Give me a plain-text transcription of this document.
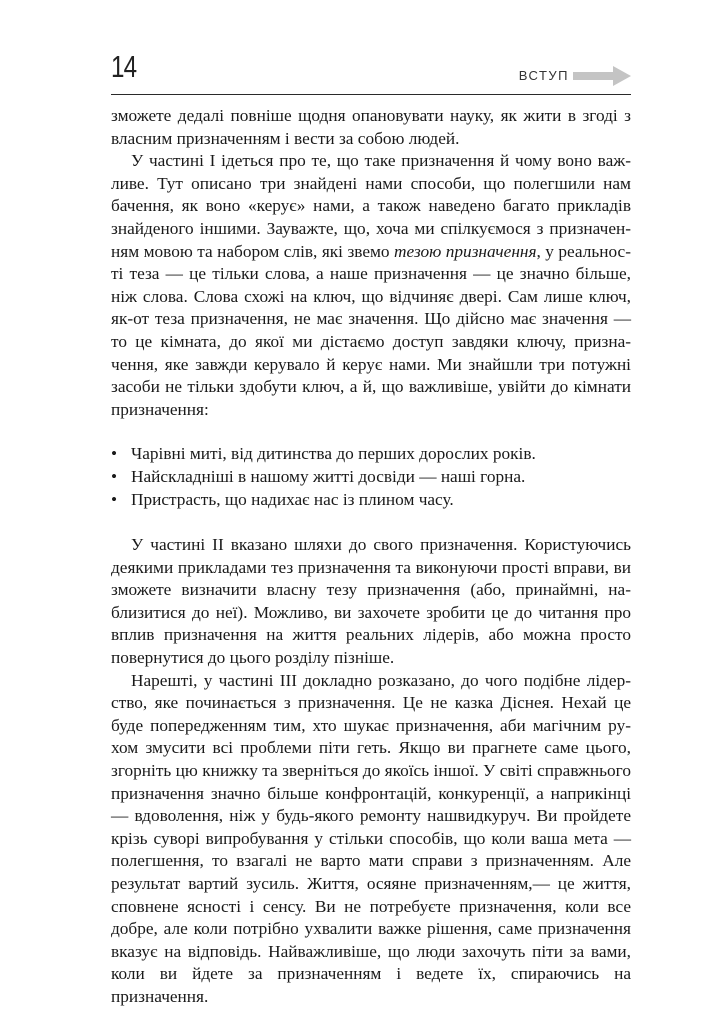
14	ВСТУП

зможете дедалі повніше щодня опановувати науку, як жити в згоді з власним призначенням і вести за собою людей.

У частині І ідеться про те, що таке призначення й чому воно важливе. Тут описано три знайдені нами способи, що полегшили нам бачення, як воно «керує» нами, а також наведено багато прикладів знайденого іншими. Зауважте, що, хоча ми спілкуємося з призначенням мовою та набором слів, які звемо тезою призначення, у реальності теза — це тільки слова, а наше призначення — це значно більше, ніж слова. Слова схожі на ключ, що відчиняє двері. Сам лише ключ, як-от теза призначення, не має значення. Що дійсно має значення — то це кімната, до якої ми дістаємо доступ завдяки ключу, призначення, яке завжди керувало й керує нами. Ми знайшли три потужні засоби не тільки здобути ключ, а й, що важливіше, увійти до кімнати призначення:

• Чарівні миті, від дитинства до перших дорослих років.
• Найскладніші в нашому житті досвіди — наші горна.
• Пристрасть, що надихає нас із плином часу.

У частині ІІ вказано шляхи до свого призначення. Користуючись деякими прикладами тез призначення та виконуючи прості вправи, ви зможете визначити власну тезу призначення (або, принаймні, наблизитися до неї). Можливо, ви захочете зробити це до читання про вплив призначення на життя реальних лідерів, або можна просто повернутися до цього розділу пізніше.

Нарешті, у частині ІІІ докладно розказано, до чого подібне лідерство, яке починається з призначення. Це не казка Діснея. Нехай це буде попередженням тим, хто шукає призначення, аби магічним рухом змусити всі проблеми піти геть. Якщо ви прагнете саме цього, згорніть цю книжку та зверніться до якоїсь іншої. У світі справжнього призначення значно більше конфронтацій, конкуренції, а наприкінці — вдоволення, ніж у будь-якого ремонту нашвидкуруч. Ви пройдете крізь суворі випробування у стільки способів, що коли ваша мета — полегшення, то взагалі не варто мати справи з призначенням. Але результат вартий зусиль. Життя, осяяне призначенням,— це життя, сповнене ясності і сенсу. Ви не потребуєте призначення, коли все добре, але коли потрібно ухвалити важке рішення, саме призначення вказує на відповідь. Найважливіше, що люди захочуть піти за вами, коли ви йдете за призначенням і ведете їх, спираючись на призначення.
